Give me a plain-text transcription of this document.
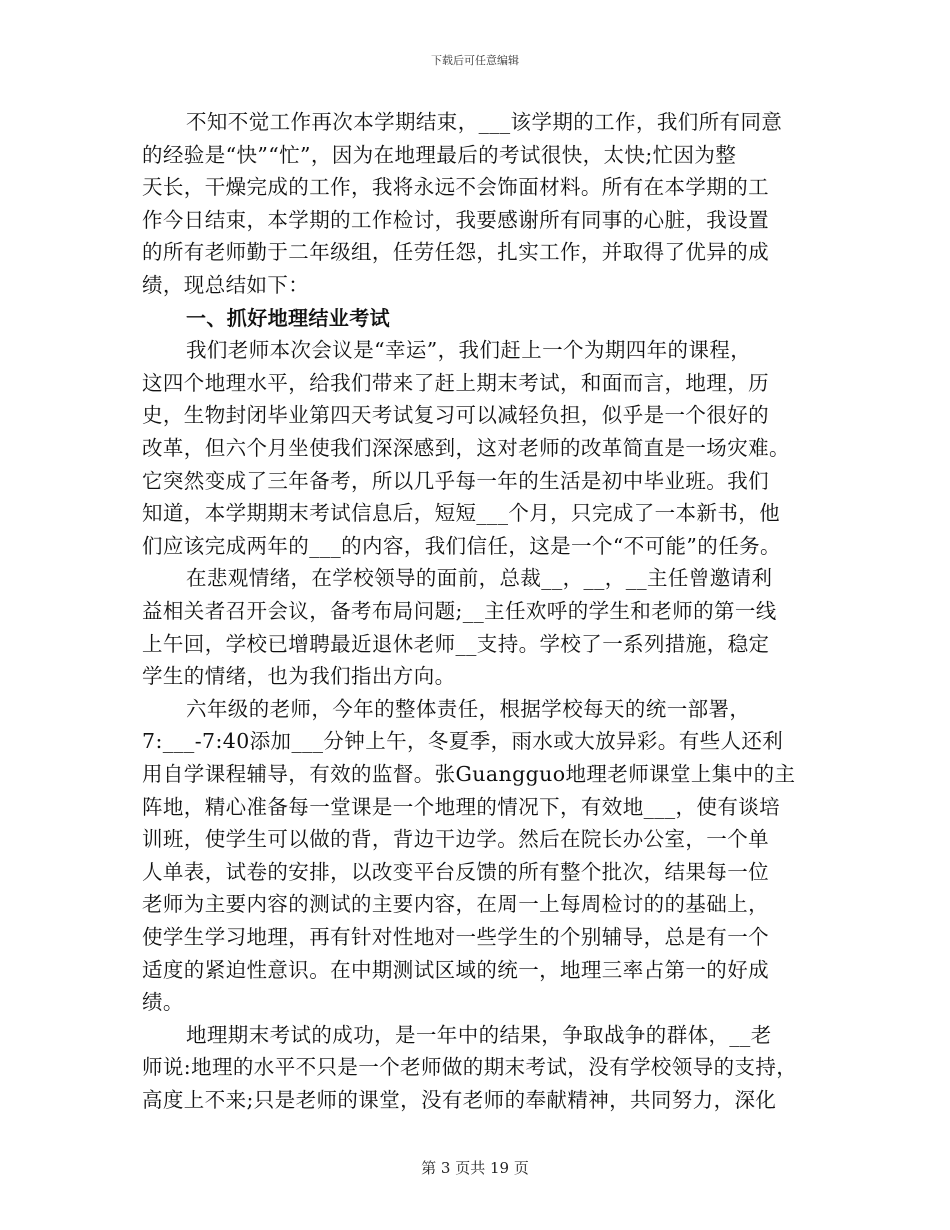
下载后可任意编辑
不知不觉工作再次本学期结束，___该学期的工作，我们所有同意
的经验是“快”“忙”，因为在地理最后的考试很快，太快;忙因为整
天长，干燥完成的工作，我将永远不会饰面材料。所有在本学期的工
作今日结束，本学期的工作检讨，我要感谢所有同事的心脏，我设置
的所有老师勤于二年级组，任劳任怨，扎实工作，并取得了优异的成
绩，现总结如下：
一、抓好地理结业考试
我们老师本次会议是“幸运”，我们赶上一个为期四年的课程，
这四个地理水平，给我们带来了赶上期末考试，和面而言，地理，历
史，生物封闭毕业第四天考试复习可以减轻负担，似乎是一个很好的
改革，但六个月坐使我们深深感到，这对老师的改革简直是一场灾难。
它突然变成了三年备考，所以几乎每一年的生活是初中毕业班。我们
知道，本学期期末考试信息后，短短___个月，只完成了一本新书，他
们应该完成两年的___的内容，我们信任，这是一个“不可能”的任务。
在悲观情绪，在学校领导的面前，总裁__，__，__主任曾邀请利
益相关者召开会议，备考布局问题;__主任欢呼的学生和老师的第一线
上午回，学校已增聘最近退休老师__支持。学校了一系列措施，稳定
学生的情绪，也为我们指出方向。
六年级的老师，今年的整体责任，根据学校每天的统一部署，
7:___-7:40添加___分钟上午，冬夏季，雨水或大放异彩。有些人还利
用自学课程辅导，有效的监督。张Guangguo地理老师课堂上集中的主
阵地，精心准备每一堂课是一个地理的情况下，有效地___，使有谈培
训班，使学生可以做的背，背边干边学。然后在院长办公室，一个单
人单表，试卷的安排，以改变平台反馈的所有整个批次，结果每一位
老师为主要内容的测试的主要内容，在周一上每周检讨的的基础上，
使学生学习地理，再有针对性地对一些学生的个别辅导，总是有一个
适度的紧迫性意识。在中期测试区域的统一，地理三率占第一的好成
绩。
地理期末考试的成功，是一年中的结果，争取战争的群体，__老
师说:地理的水平不只是一个老师做的期末考试，没有学校领导的支持，
高度上不来;只是老师的课堂，没有老师的奉献精神，共同努力，深化
第 3 页共 19 页
